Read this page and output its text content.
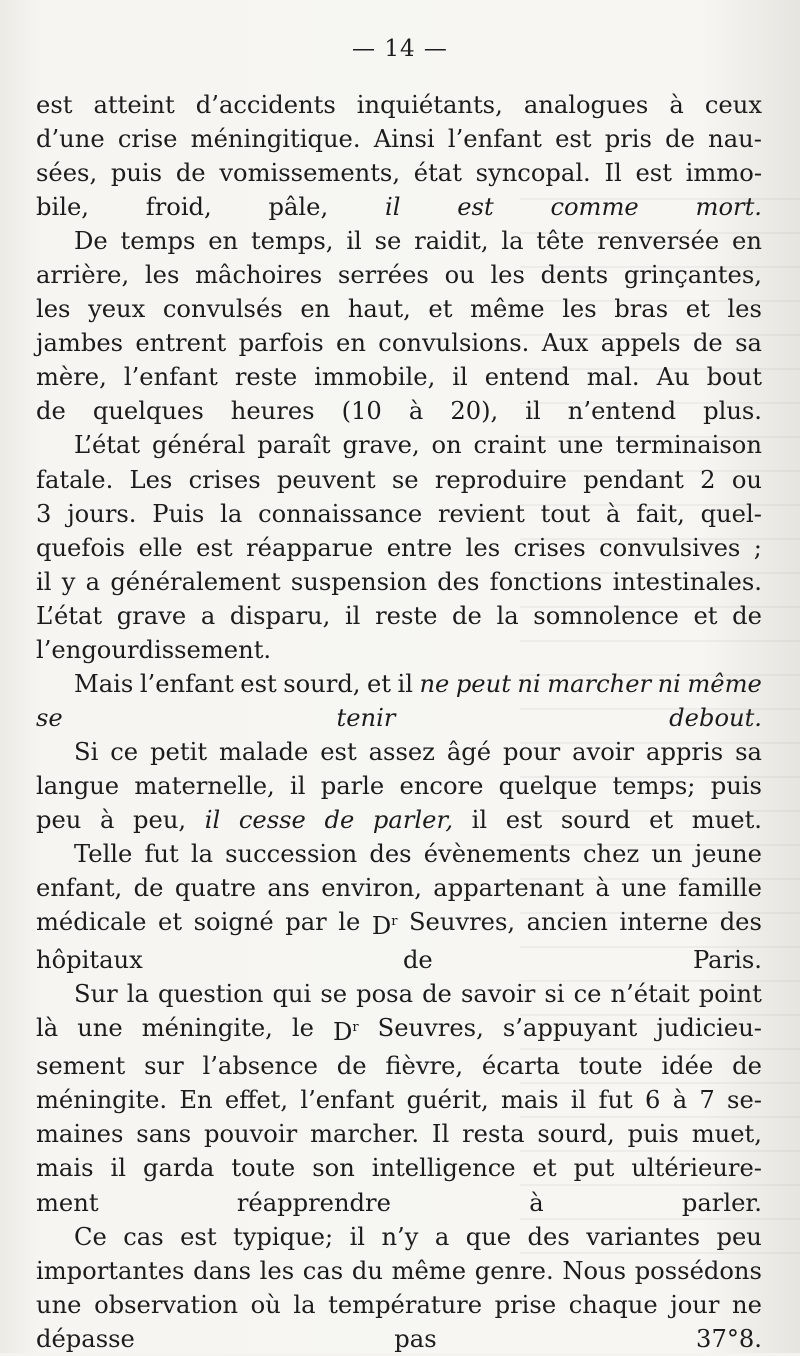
— 14 —
est atteint d’accidents inquiétants, analogues à ceux
d’une crise méningitique. Ainsi l’enfant est pris de nau-
sées, puis de vomissements, état syncopal. Il est immo-
bile, froid, pâle, il est comme mort.
De temps en temps, il se raidit, la tête renversée en
arrière, les mâchoires serrées ou les dents grinçantes,
les yeux convulsés en haut, et même les bras et les
jambes entrent parfois en convulsions. Aux appels de sa
mère, l’enfant reste immobile, il entend mal. Au bout
de quelques heures (10 à 20), il n’entend plus.
L’état général paraît grave, on craint une terminaison
fatale. Les crises peuvent se reproduire pendant 2 ou
3 jours. Puis la connaissance revient tout à fait, quel-
quefois elle est réapparue entre les crises convulsives ;
il y a généralement suspension des fonctions intestinales.
L’état grave a disparu, il reste de la somnolence et de
l’engourdissement.
Mais l’enfant est sourd, et il ne peut ni marcher ni même
se tenir debout.
Si ce petit malade est assez âgé pour avoir appris sa
langue maternelle, il parle encore quelque temps; puis
peu à peu, il cesse de parler, il est sourd et muet.
Telle fut la succession des évènements chez un jeune
enfant, de quatre ans environ, appartenant à une famille
médicale et soigné par le $D^r$ Seuvres, ancien interne des
hôpitaux de Paris.
Sur la question qui se posa de savoir si ce n’était point
là une méningite, le $D^r$ Seuvres, s’appuyant judicieu-
sement sur l’absence de fièvre, écarta toute idée de
méningite. En effet, l’enfant guérit, mais il fut 6 à 7 se-
maines sans pouvoir marcher. Il resta sourd, puis muet,
mais il garda toute son intelligence et put ultérieure-
ment réapprendre à parler.
Ce cas est typique; il n’y a que des variantes peu
importantes dans les cas du même genre. Nous possédons
une observation où la température prise chaque jour ne
dépasse pas 37°8.
